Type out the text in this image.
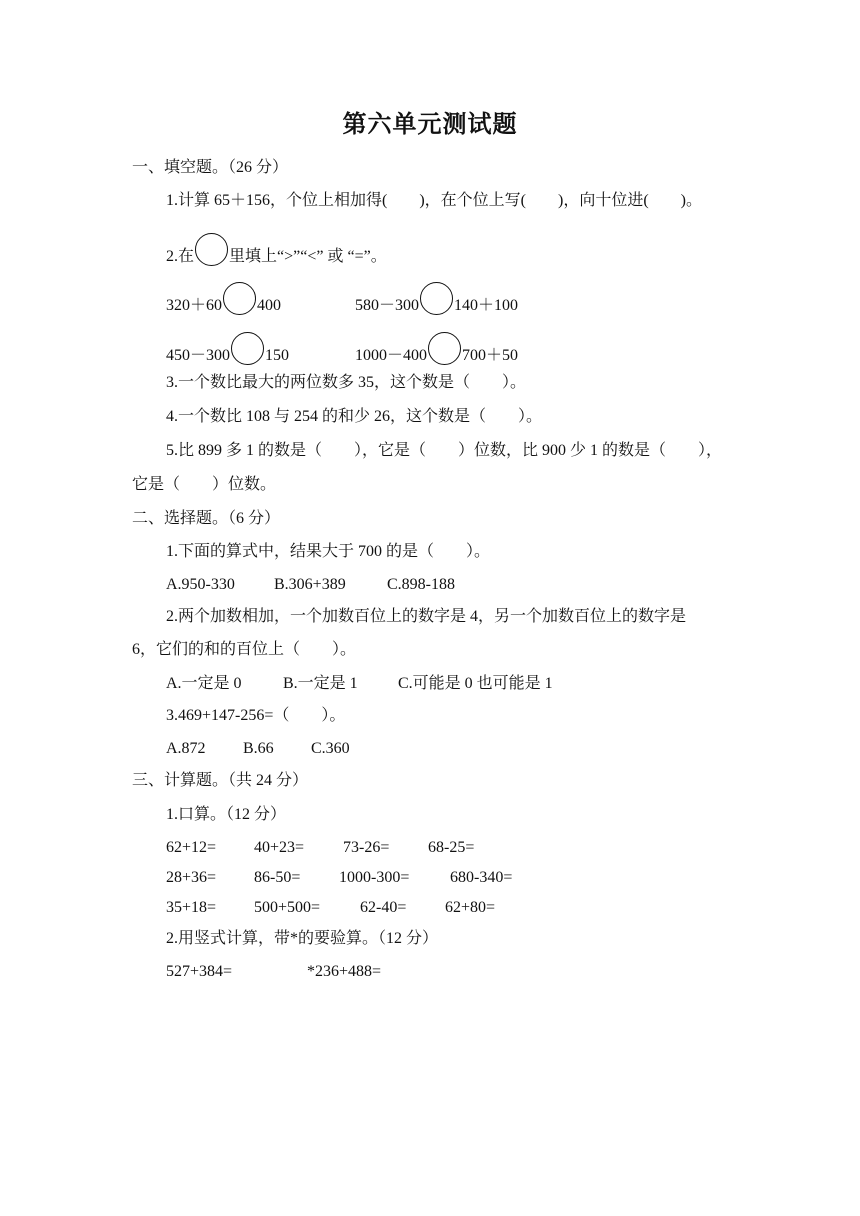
第六单元测试题
一、填空题。（26 分）
1.计算 65＋156，个位上相加得(　　)，在个位上写(　　)，向十位进(　　)。
2.在 里填上“>”“<” 或 “=”。
320＋60 400	580－300 140＋100
450－300 150	1000－400 700＋50
3.一个数比最大的两位数多 35，这个数是（　　）。
4.一个数比 108 与 254 的和少 26，这个数是（　　）。
5.比 899 多 1 的数是（　　），它是（　　）位数，比 900 少 1 的数是（　　），
它是（　　）位数。
二、选择题。（6 分）
1.下面的算式中，结果大于 700 的是（　　）。
A.950-330 B.306+389	C.898-188
2.两个加数相加，一个加数百位上的数字是 4，另一个加数百位上的数字是
6，它们的和的百位上（　　）。
A.一定是 0	B.一定是 1	C.可能是 0 也可能是 1
3.469+147-256=（　　）。
A.872 B.66 C.360
三、计算题。（共 24 分）
1.口算。（12 分）
62+12= 40+23= 73-26= 68-25=
28+36= 86-50= 1000-300=	680-340=
35+18= 500+500= 62-40= 62+80=
2.用竖式计算，带*的要验算。（12 分）
527+384=	*236+488=
